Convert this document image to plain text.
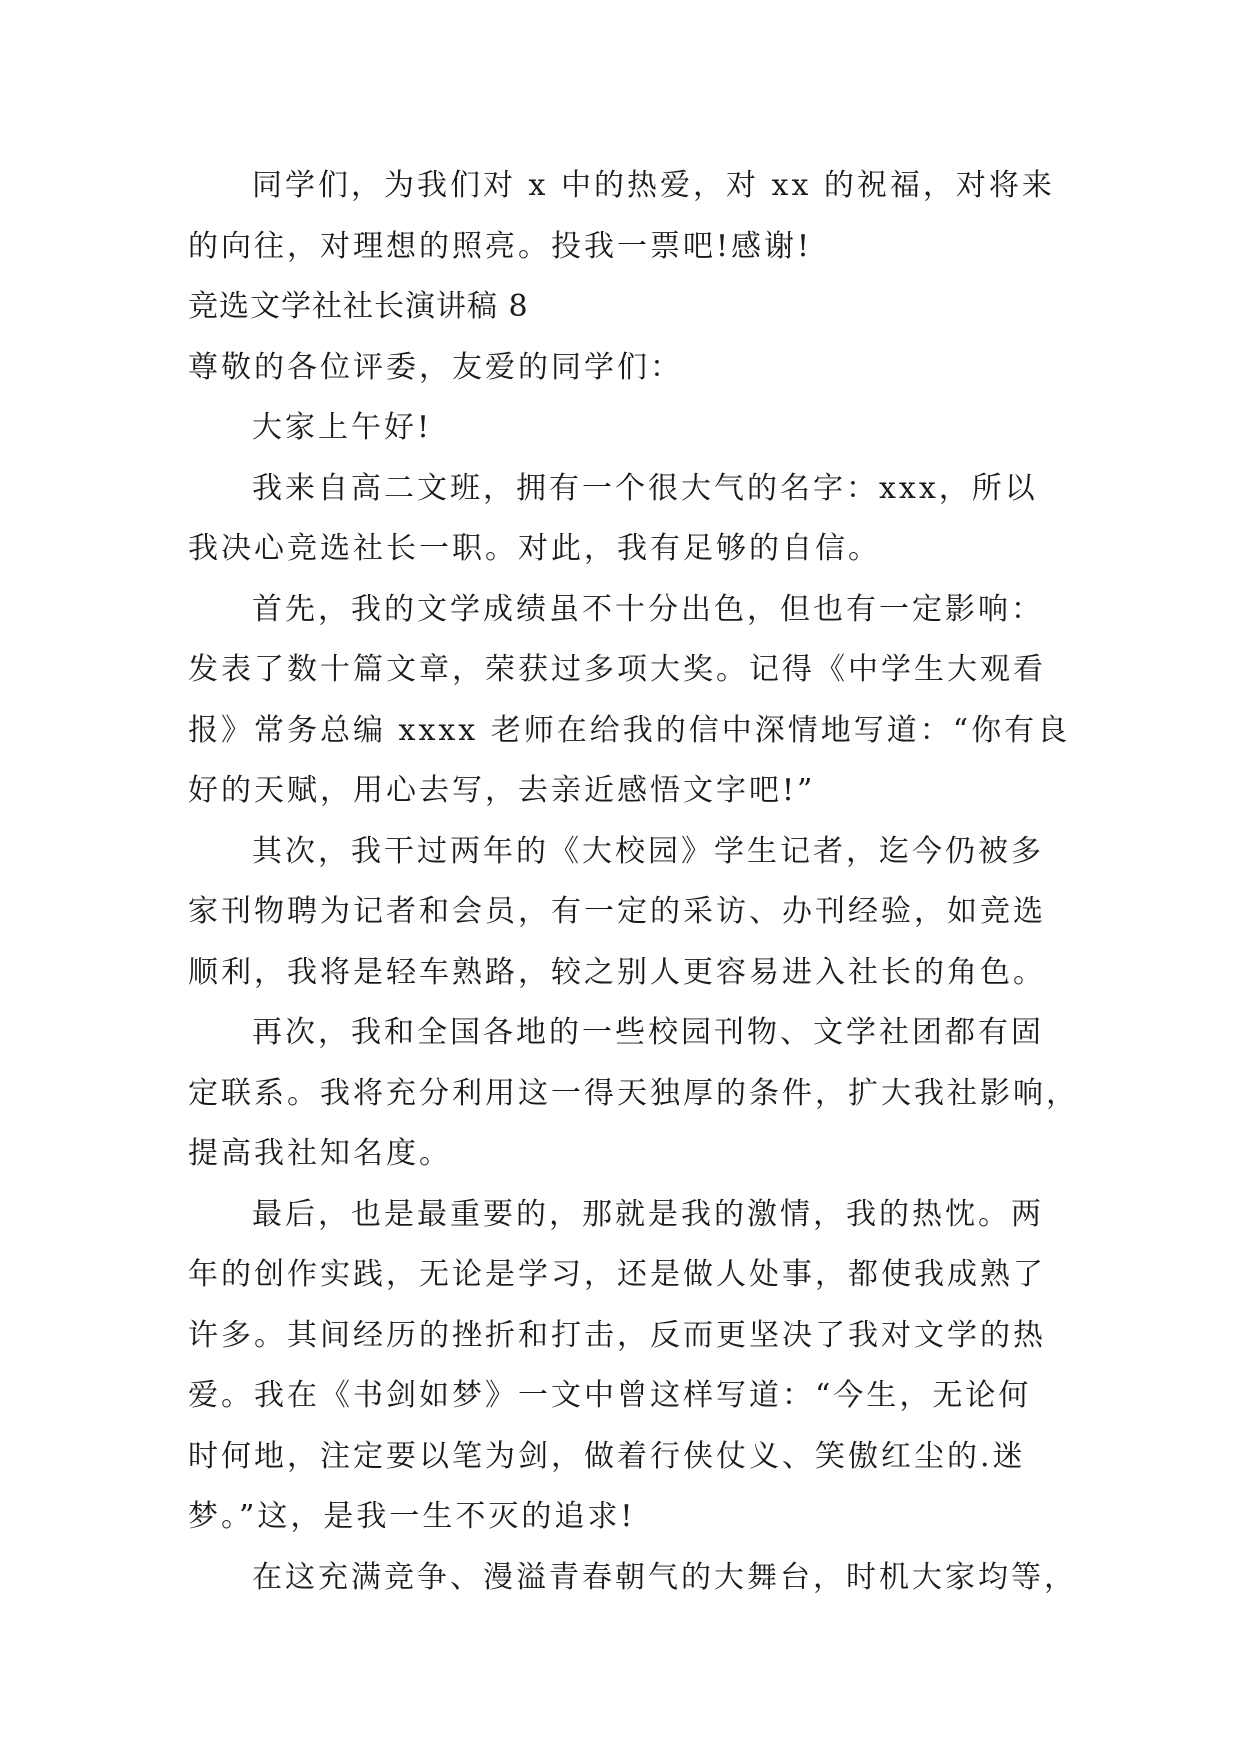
同学们，为我们对 x 中的热爱，对 xx 的祝福，对将来
的向往，对理想的照亮。投我一票吧!感谢!
竞选文学社社长演讲稿 8
尊敬的各位评委，友爱的同学们：
大家上午好!
我来自高二文班，拥有一个很大气的名字：xxx，所以
我决心竞选社长一职。对此，我有足够的自信。
首先，我的文学成绩虽不十分出色，但也有一定影响：
发表了数十篇文章，荣获过多项大奖。记得《中学生大观看
报》常务总编 xxxx 老师在给我的信中深情地写道：“你有良
好的天赋，用心去写，去亲近感悟文字吧!”
其次，我干过两年的《大校园》学生记者，迄今仍被多
家刊物聘为记者和会员，有一定的采访、办刊经验，如竞选
顺利，我将是轻车熟路，较之别人更容易进入社长的角色。
再次，我和全国各地的一些校园刊物、文学社团都有固
定联系。我将充分利用这一得天独厚的条件，扩大我社影响，
提高我社知名度。
最后，也是最重要的，那就是我的激情，我的热忱。两
年的创作实践，无论是学习，还是做人处事，都使我成熟了
许多。其间经历的挫折和打击，反而更坚决了我对文学的热
爱。我在《书剑如梦》一文中曾这样写道：“今生，无论何
时何地，注定要以笔为剑，做着行侠仗义、笑傲红尘的.迷
梦。”这，是我一生不灭的追求!
在这充满竞争、漫溢青春朝气的大舞台，时机大家均等，
